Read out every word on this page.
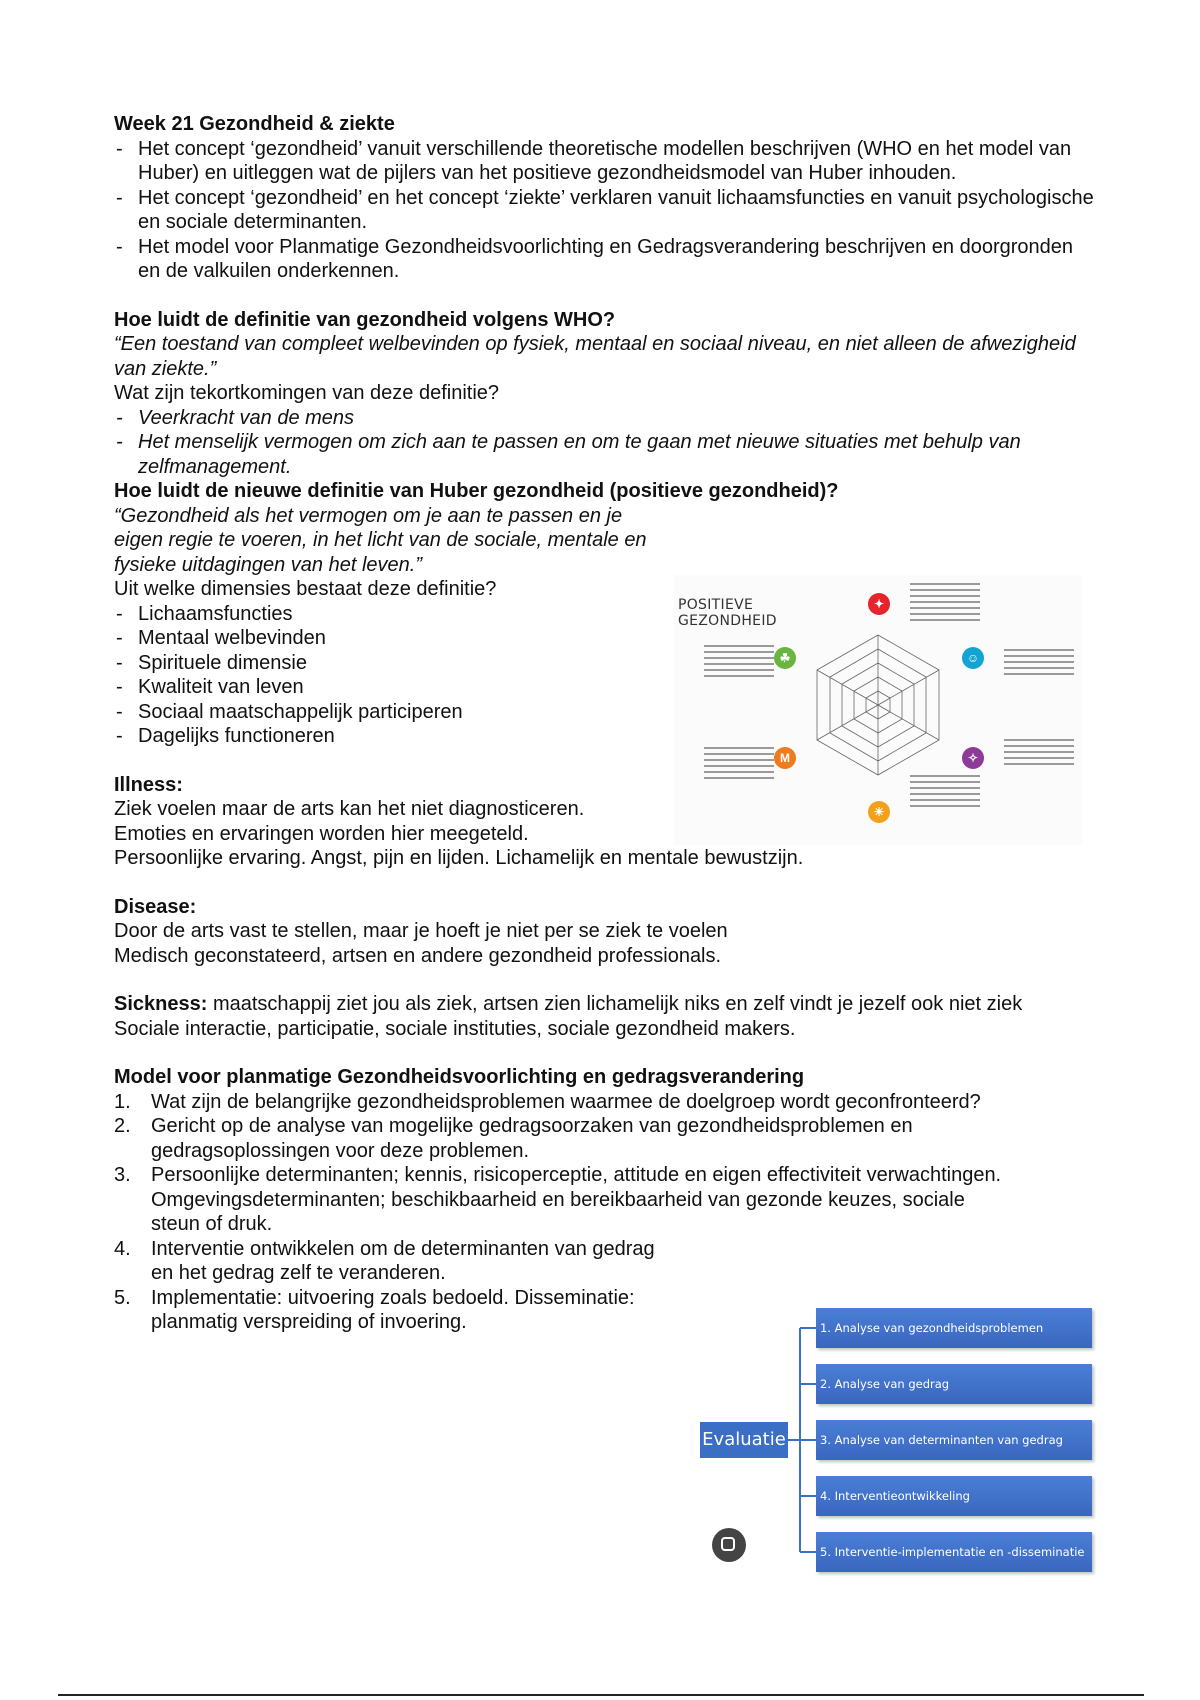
Week 21 Gezondheid & ziekte
- Het concept ‘gezondheid’ vanuit verschillende theoretische modellen beschrijven (WHO en het model van Huber) en uitleggen wat de pijlers van het positieve gezondheidsmodel van Huber inhouden.
- Het concept ‘gezondheid’ en het concept ‘ziekte’ verklaren vanuit lichaamsfuncties en vanuit psychologische en sociale determinanten.
- Het model voor Planmatige Gezondheidsvoorlichting en Gedragsverandering beschrijven en doorgronden en de valkuilen onderkennen.
Hoe luidt de definitie van gezondheid volgens WHO?

“Een toestand van compleet welbevinden op fysiek, mentaal en sociaal niveau, en niet alleen de afwezigheid van ziekte.”

Wat zijn tekortkomingen van deze definitie?

- Veerkracht van de mens
- Het menselijk vermogen om zich aan te passen en om te gaan met nieuwe situaties met behulp van zelfmanagement.
Hoe luidt de nieuwe definitie van Huber gezondheid (positieve gezondheid)?

“Gezondheid als het vermogen om je aan te passen en je eigen regie te voeren, in het licht van de sociale, mentale en fysieke uitdagingen van het leven.”

Uit welke dimensies bestaat deze definitie?

- Lichaamsfuncties
- Mentaal welbevinden
- Spirituele dimensie
- Kwaliteit van leven
- Sociaal maatschappelijk participeren
- Dagelijks functioneren
Illness:

Ziek voelen maar de arts kan het niet diagnosticeren.

Emoties en ervaringen worden hier meegeteld.

Persoonlijke ervaring. Angst, pijn en lijden. Lichamelijk en mentale bewustzijn.

Disease:

Door de arts vast te stellen, maar je hoeft je niet per se ziek te voelen

Medisch geconstateerd, artsen en andere gezondheid professionals.

Sickness: maatschappij ziet jou als ziek, artsen zien lichamelijk niks en zelf vindt je jezelf ook niet ziek

Sociale interactie, participatie, sociale instituties, sociale gezondheid makers.

Model voor planmatige Gezondheidsvoorlichting en gedragsverandering
1. Wat zijn de belangrijke gezondheidsproblemen waarmee de doelgroep wordt geconfronteerd?
2. Gericht op de analyse van mogelijke gedragsoorzaken van gezondheidsproblemen en gedragsoplossingen voor deze problemen.
3. Persoonlijke determinanten; kennis, risicoperceptie, attitude en eigen effectiviteit verwachtingen. Omgevingsdeterminanten; beschikbaarheid en bereikbaarheid van gezonde keuzes, sociale steun of druk.
4. Interventie ontwikkelen om de determinanten van gedrag en het gedrag zelf te veranderen.
5. Implementatie: uitvoering zoals bedoeld. Disseminatie: planmatig verspreiding of invoering.
POSITIEVE GEZONDHEID
✦
☺
✧
☀
M
☘
Evaluatie
1. Analyse van gezondheidsproblemen
2. Analyse van gedrag
3. Analyse van determinanten van gedrag
4. Interventieontwikkeling
5. Interventie-implementatie en -disseminatie
